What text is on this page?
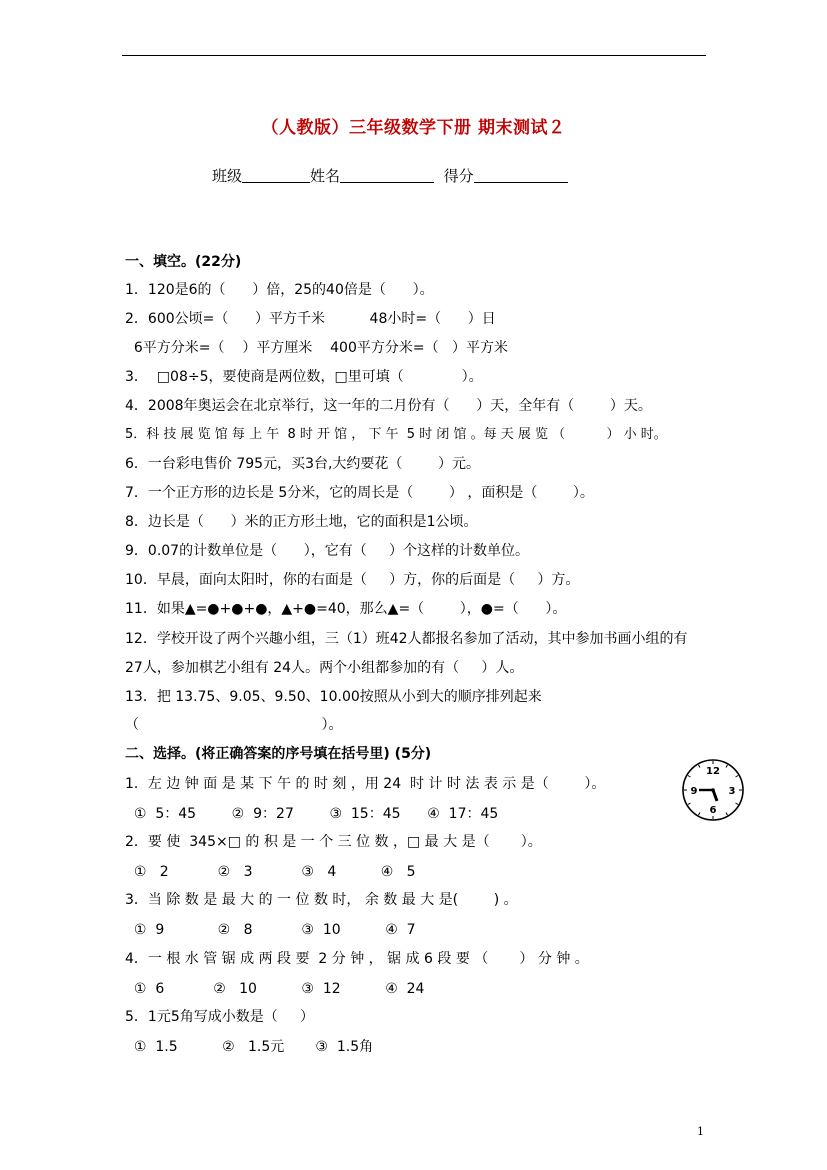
（人教版）三年级数学下册 期末测试２
班级	姓名	得分
一、填空。(22分)
1．120是6的（      ）倍，25的40倍是（      ）。
2．600公顷=（      ）平方千米          48小时=（      ）日
6平方分米=（    ）平方厘米    400平方分米=（   ）平方米
3．  □08÷5，要使商是两位数，□里可填（             ）。
4．2008年奥运会在北京举行，这一年的二月份有（      ）天，全年有（        ）天。
5．科 技 展 览 馆 每 上 午  8 时 开 馆 ， 下 午  5 时 闭 馆 。每 天 展 览 （          ） 小 时。
6．一台彩电售价 795元，买3台,大约要花（        ）元。
7．一个正方形的边长是 5分米，它的周长是（        ） ，面积是（        ）。
8．边长是（      ）米的正方形土地，它的面积是1公顷。
9．0.07的计数单位是（      ），它有（     ）个这样的计数单位。
10．早晨，面向太阳时，你的右面是（     ）方，你的后面是（     ）方。
11．如果▲=●+●+●，▲+●=40，那么▲=（        ），●=（      ）。
12．学校开设了两个兴趣小组，三（1）班42人都报名参加了活动，其中参加书画小组的有
27人，参加棋艺小组有 24人。两个小组都参加的有（     ）人。
13．把 13.75、9.05、9.50、10.00按照从小到大的顺序排列起来
（                                         ）。
二、选择。(将正确答案的序号填在括号里) (5分)
1．左 边 钟 面 是 某 下 午 的 时 刻 ，用 24  时 计 时 法 表 示 是（        ）。
①  5：45        ②  9：27        ③  15：45      ④  17：45
2．要 使  345×□ 的 积 是 一 个 三 位 数 ，□ 最 大 是（       ）。
①   2           ②   3           ③   4          ④   5
3．当 除 数 是 最 大 的 一 位 数 时， 余 数 最 大 是(        ) 。
①  9            ②   8           ③  10          ④  7
4．一 根 水 管 锯 成 两 段 要  2 分 钟 ， 锯 成 6 段 要 （       ） 分 钟 。
①  6           ②   10          ③  12          ④  24
5．1元5角写成小数是（     ）
①  1.5          ②   1.5元       ③  1.5角
12
3
6
9
1
